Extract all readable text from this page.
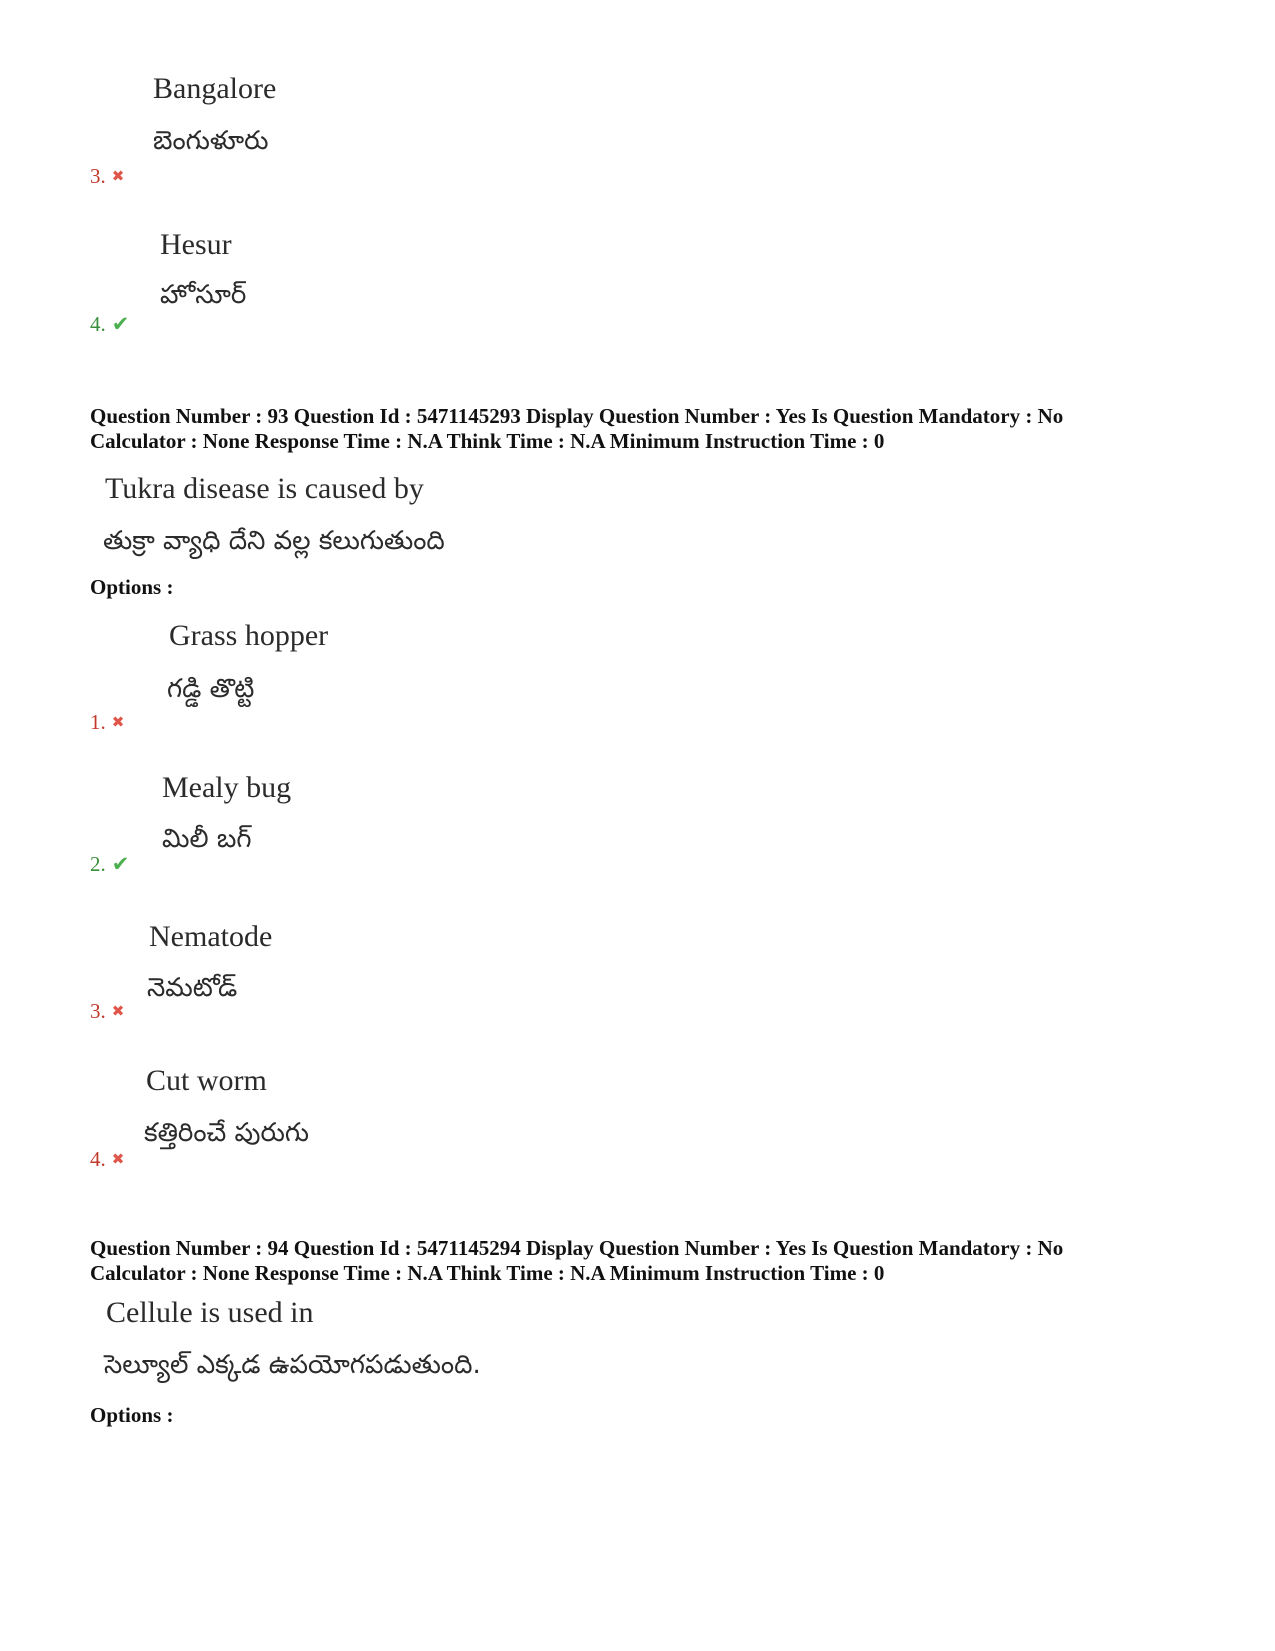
Bangalore
బెంగుళూరు
3. ✖
Hesur
హోసూర్
4. ✔
Question Number : 93 Question Id : 5471145293 Display Question Number : Yes Is Question Mandatory : No
Calculator : None Response Time : N.A Think Time : N.A Minimum Instruction Time : 0
Tukra disease is caused by
తుక్రా వ్యాధి దేని వల్ల కలుగుతుంది
Options :
Grass hopper
గడ్డి తొట్టి
1. ✖
Mealy bug
మిలీ బగ్
2. ✔
Nematode
నెమటోడ్
3. ✖
Cut worm
కత్తిరించే పురుగు
4. ✖
Question Number : 94 Question Id : 5471145294 Display Question Number : Yes Is Question Mandatory : No
Calculator : None Response Time : N.A Think Time : N.A Minimum Instruction Time : 0
Cellule is used in
సెల్యూల్ ఎక్కడ ఉపయోగపడుతుంది.
Options :
